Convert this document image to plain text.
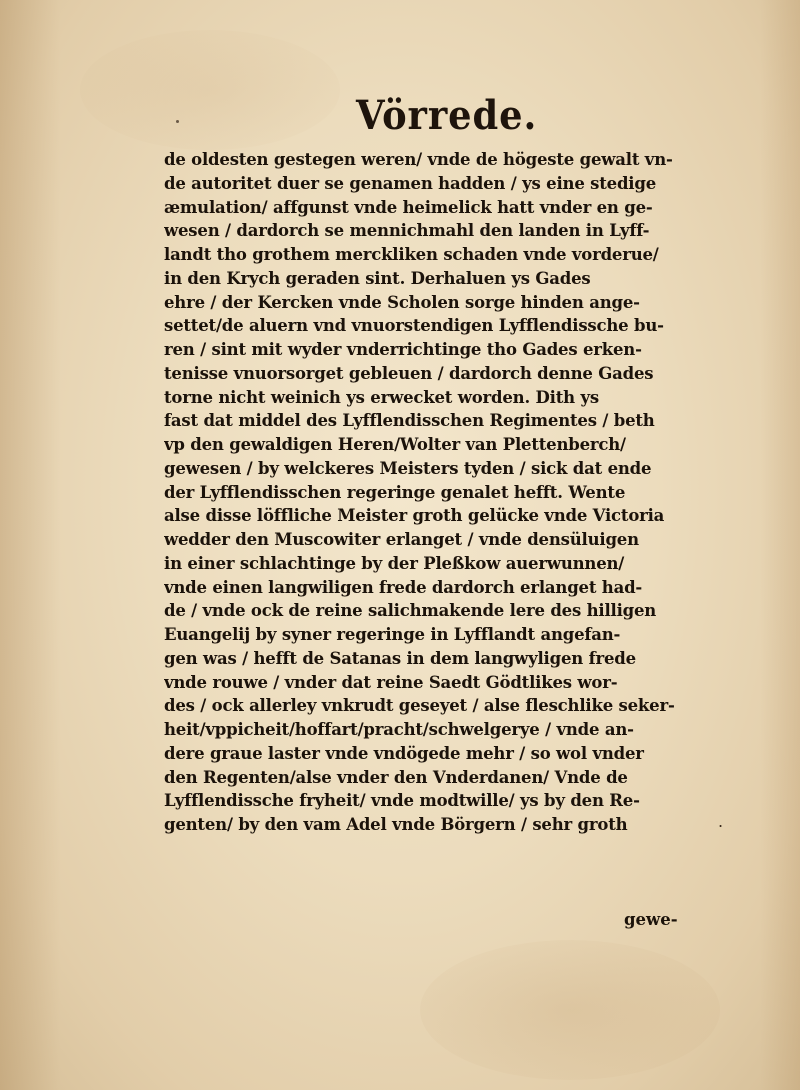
Vörrede.
de oldesten gestegen weren/ vnde de högeste gewalt vn-
de autoritet duer se genamen hadden / ys eine stedige
æmulation/ affgunst vnde heimelick hatt vnder en ge-
wesen / dardorch se mennichmahl den landen in Lyff-
landt tho grothem merckliken schaden vnde vorderue/
in den Krych geraden sint. Derhaluen ys Gades
ehre / der Kercken vnde Scholen sorge hinden ange-
settet/de aluern vnd vnuorstendigen Lyfflendissche bu-
ren / sint mit wyder vnderrichtinge tho Gades erken-
tenisse vnuorsorget gebleuen / dardorch denne Gades
torne nicht weinich ys erwecket worden. Dith ys
fast dat middel des Lyfflendisschen Regimentes / beth
vp den gewaldigen Heren/Wolter van Plettenberch/
gewesen / by welckeres Meisters tyden / sick dat ende
der Lyfflendisschen regeringe genalet hefft. Wente
alse disse löffliche Meister groth gelücke vnde Victoria
wedder den Muscowiter erlanget / vnde densüluigen
in einer schlachtinge by der Pleßkow auerwunnen/
vnde einen langwiligen frede dardorch erlanget had-
de / vnde ock de reine salichmakende lere des hilligen
Euangelij by syner regeringe in Lyfflandt angefan-
gen was / hefft de Satanas in dem langwyligen frede
vnde rouwe / vnder dat reine Saedt Gödtlikes wor-
des / ock allerley vnkrudt geseyet / alse fleschlike seker-
heit/vppicheit/hoffart/pracht/schwelgerye / vnde an-
dere graue laster vnde vndögede mehr / so wol vnder
den Regenten/alse vnder den Vnderdanen/ Vnde de
Lyfflendissche fryheit/ vnde modtwille/ ys by den Re-
genten/ by den vam Adel vnde Börgern / sehr groth	.
gewe-
